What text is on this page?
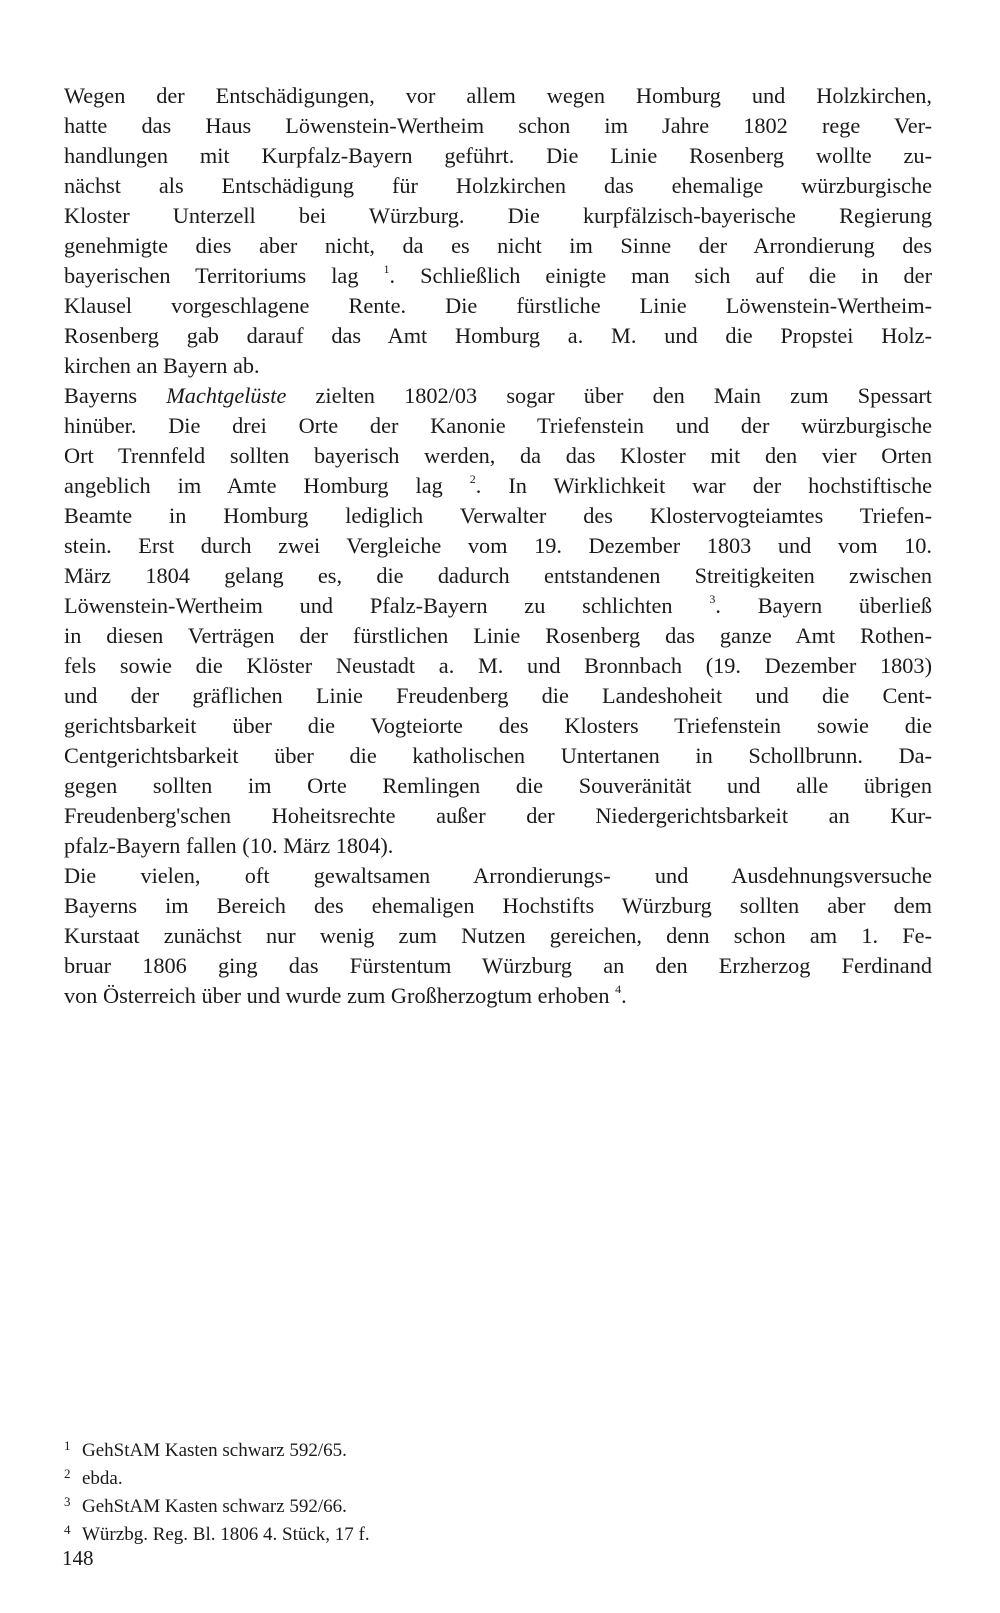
Wegen der Entschädigungen, vor allem wegen Homburg und Holzkirchen,
hatte das Haus Löwenstein-Wertheim schon im Jahre 1802 rege Ver-
handlungen mit Kurpfalz-Bayern geführt. Die Linie Rosenberg wollte zu-
nächst als Entschädigung für Holzkirchen das ehemalige würzburgische
Kloster Unterzell bei Würzburg. Die kurpfälzisch-bayerische Regierung
genehmigte dies aber nicht, da es nicht im Sinne der Arrondierung des
bayerischen Territoriums lag $^1$. Schließlich einigte man sich auf die in der
Klausel vorgeschlagene Rente. Die fürstliche Linie Löwenstein-Wertheim-
Rosenberg gab darauf das Amt Homburg a. M. und die Propstei Holz-
kirchen an Bayern ab.
Bayerns Machtgelüste zielten 1802/03 sogar über den Main zum Spessart
hinüber. Die drei Orte der Kanonie Triefenstein und der würzburgische
Ort Trennfeld sollten bayerisch werden, da das Kloster mit den vier Orten
angeblich im Amte Homburg lag $^2$. In Wirklichkeit war der hochstiftische
Beamte in Homburg lediglich Verwalter des Klostervogteiamtes Triefen-
stein. Erst durch zwei Vergleiche vom 19. Dezember 1803 und vom 10.
März 1804 gelang es, die dadurch entstandenen Streitigkeiten zwischen
Löwenstein-Wertheim und Pfalz-Bayern zu schlichten $^3$. Bayern überließ
in diesen Verträgen der fürstlichen Linie Rosenberg das ganze Amt Rothen-
fels sowie die Klöster Neustadt a. M. und Bronnbach (19. Dezember 1803)
und der gräflichen Linie Freudenberg die Landeshoheit und die Cent-
gerichtsbarkeit über die Vogteiorte des Klosters Triefenstein sowie die
Centgerichtsbarkeit über die katholischen Untertanen in Schollbrunn. Da-
gegen sollten im Orte Remlingen die Souveränität und alle übrigen
Freudenberg'schen Hoheitsrechte außer der Niedergerichtsbarkeit an Kur-
pfalz-Bayern fallen (10. März 1804).
Die vielen, oft gewaltsamen Arrondierungs- und Ausdehnungsversuche
Bayerns im Bereich des ehemaligen Hochstifts Würzburg sollten aber dem
Kurstaat zunächst nur wenig zum Nutzen gereichen, denn schon am 1. Fe-
bruar 1806 ging das Fürstentum Würzburg an den Erzherzog Ferdinand
von Österreich über und wurde zum Großherzogtum erhoben $^4$.
1 GehStAM Kasten schwarz 592/65.
2 ebda.
3 GehStAM Kasten schwarz 592/66.
4 Würzbg. Reg. Bl. 1806 4. Stück, 17 f.
148
